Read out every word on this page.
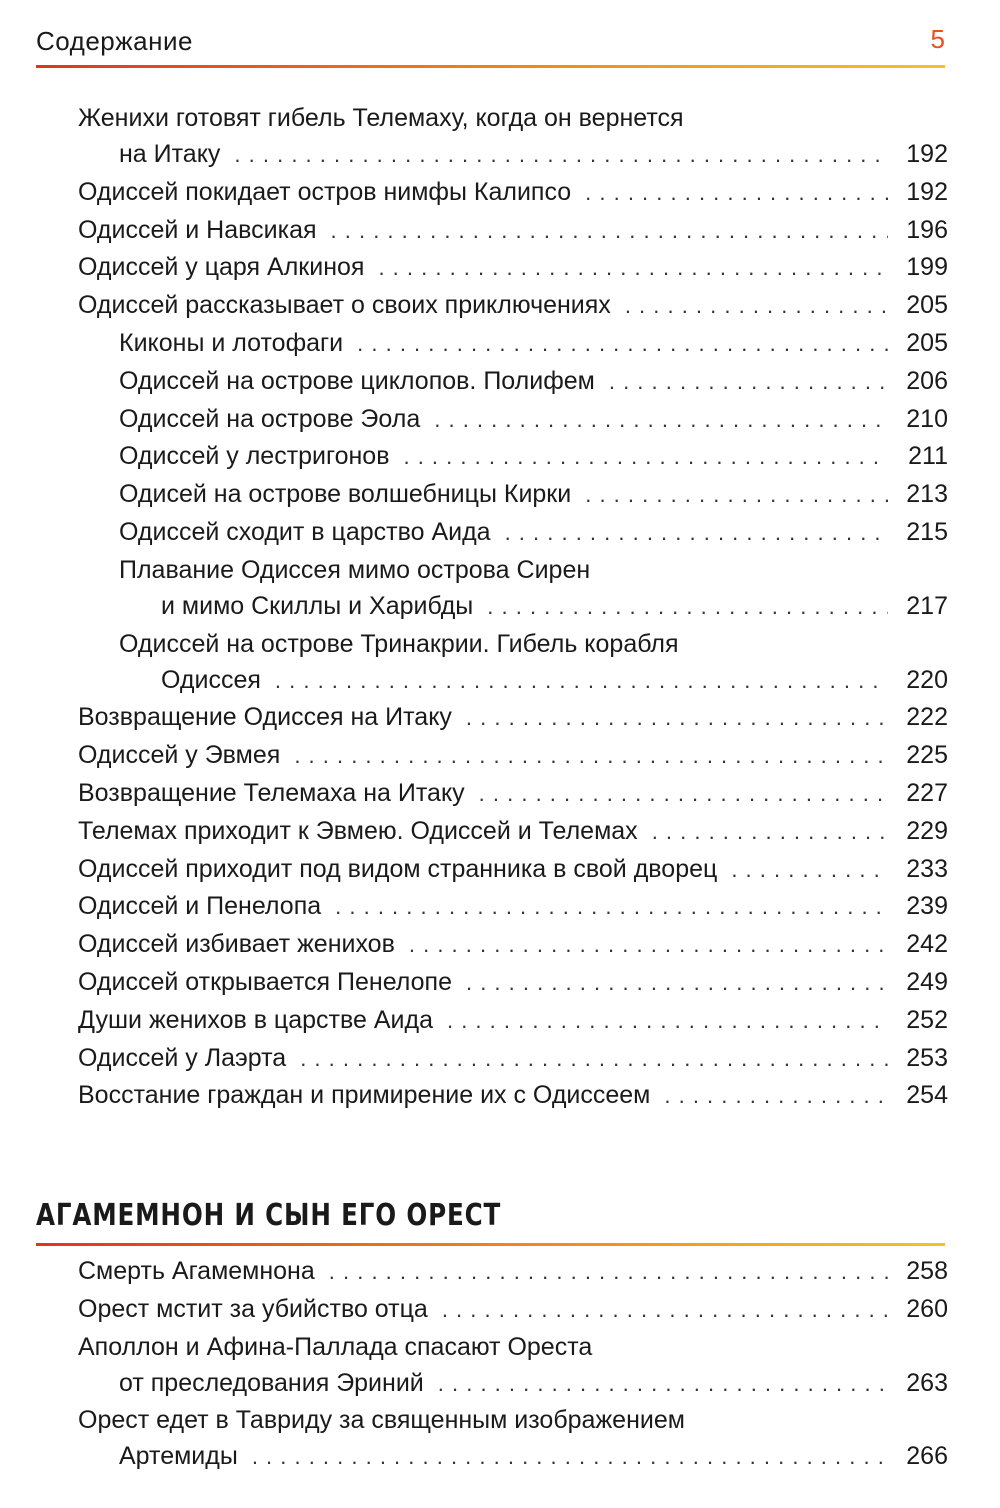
Содержание	5
Женихи готовят гибель Телемаху, когда он вернется
на Итаку . . .	192
Одиссей покидает остров нимфы Калипсо . . .	192
Одиссей и Навсикая . . .	196
Одиссей у царя Алкиноя . . .	199
Одиссей рассказывает о своих приключениях . . .	205
Киконы и лотофаги . . .	205
Одиссей на острове циклопов. Полифем . . .	206
Одиссей на острове Эола . . .	210
Одиссей у лестригонов . . .	211
Одисей на острове волшебницы Кирки . . .	213
Одиссей сходит в царство Аида . . .	215
Плавание Одиссея мимо острова Сирен
и мимо Скиллы и Харибды . . .	217
Одиссей на острове Тринакрии. Гибель корабля
Одиссея . . .	220
Возвращение Одиссея на Итаку . . .	222
Одиссей у Эвмея . . .	225
Возвращение Телемаха на Итаку . . .	227
Телемах приходит к Эвмею. Одиссей и Телемах . . .	229
Одиссей приходит под видом странника в свой дворец . . .	233
Одиссей и Пенелопа . . .	239
Одиссей избивает женихов . . .	242
Одиссей открывается Пенелопе . . .	249
Души женихов в царстве Аида . . .	252
Одиссей у Лаэрта . . .	253
Восстание граждан и примирение их с Одиссеем . . .	254
АГАМЕМНОН И СЫН ЕГО ОРЕСТ
Смерть Агамемнона . . .	258
Орест мстит за убийство отца . . .	260
Аполлон и Афина-Паллада спасают Ореста
от преследования Эриний . . .	263
Орест едет в Тавриду за священным изображением
Артемиды . . .	266
